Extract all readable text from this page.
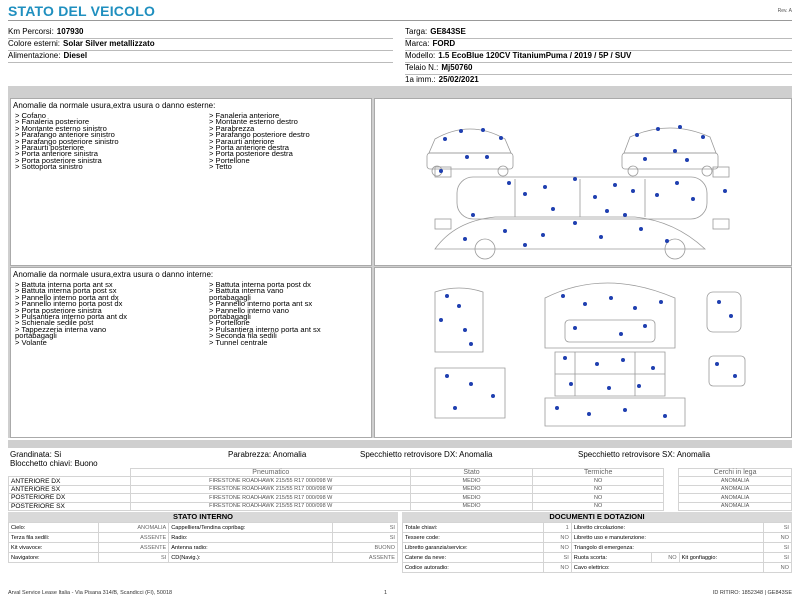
STATO DEL VEICOLO	Rev. A
Km Percorsi: 107930
Colore esterni: Solar Silver metallizzato
Alimentazione: Diesel
Targa: GE843SE
Marca: FORD
Modello: 1.5 EcoBlue 120CV TitaniumPuma / 2019 / 5P / SUV
Telaio N.: Mj50760
1a imm.: 25/02/2021
Anomalie da normale usura,extra usura o danno esterne:
> Cofano
> Fanaleria posteriore
> Montante esterno sinistro
> Parafango anteriore sinistro
> Parafango posteriore sinistro
> Paraurti posteriore
> Porta anteriore sinistra
> Porta posteriore sinistra
> Sottoporta sinistro
> Fanaleria anteriore
> Montante esterno destro
> Parabrezza
> Parafango posteriore destro
> Paraurti anteriore
> Porta anteriore destra
> Porta posteriore destra
> Portellone
> Tetto
Anomalie da normale usura,extra usura o danno interne:
> Battuta interna porta ant sx
> Battuta interna porta post sx
> Pannello interno porta ant dx
> Pannello interno porta post dx
> Porta posteriore sinistra
> Pulsantiera interno porta ant dx
> Schienale sedile post
> Tappezzeria interna vano
portabagagli
> Volante
> Battuta interna porta post dx
> Battuta interna vano
portabagagli
> Pannello interno porta ant sx
> Pannello interno vano
portabagagli
> Portellone
> Pulsantiera interno porta ant sx
> Seconda fila sedili
> Tunnel centrale
Grandinata: Si
Blocchetto chiavi: Buono
Parabrezza: Anomalia	Specchietto retrovisore DX: Anomalia	Specchietto retrovisore SX: Anomalia
	Pneumatico	Stato	Termiche		Cerchi in lega
ANTERIORE DX	FIRESTONE ROADHAWK 215/55 R17 000/098 W	MEDIO	NO		ANOMALIA
ANTERIORE SX	FIRESTONE ROADHAWK 215/55 R17 000/098 W	MEDIO	NO		ANOMALIA
POSTERIORE DX	FIRESTONE ROADHAWK 215/55 R17 000/098 W	MEDIO	NO		ANOMALIA
POSTERIORE SX	FIRESTONE ROADHAWK 215/55 R17 000/098 W	MEDIO	NO		ANOMALIA
STATO INTERNO
Cielo:	ANOMALIA	Cappelliera/Tendina copribag:	SI
Terza fila sedili:	ASSENTE	Radio:	SI
Kit vivavoce:	ASSENTE	Antenna radio:	BUONO
Navigatore:	SI	CD(Navig.):	ASSENTE
DOCUMENTI E DOTAZIONI
Totale chiavi:	1	Libretto circolazione:			SI
Tessere code:	NO	Libretto uso e manutenzione:			NO
Libretto garanzia/service:	NO	Triangolo di emergenza:			SI
Catene da neve:	SI	Ruota scorta:	NO	Kit gonfiaggio:	SI
Codice autoradio:	NO	Cavo elettrico:			NO
Arval Service Lease Italia - Via Pisana 314/B, Scandicci (FI), 50018	1	ID RITIRO: 1852348 | GE843SE
